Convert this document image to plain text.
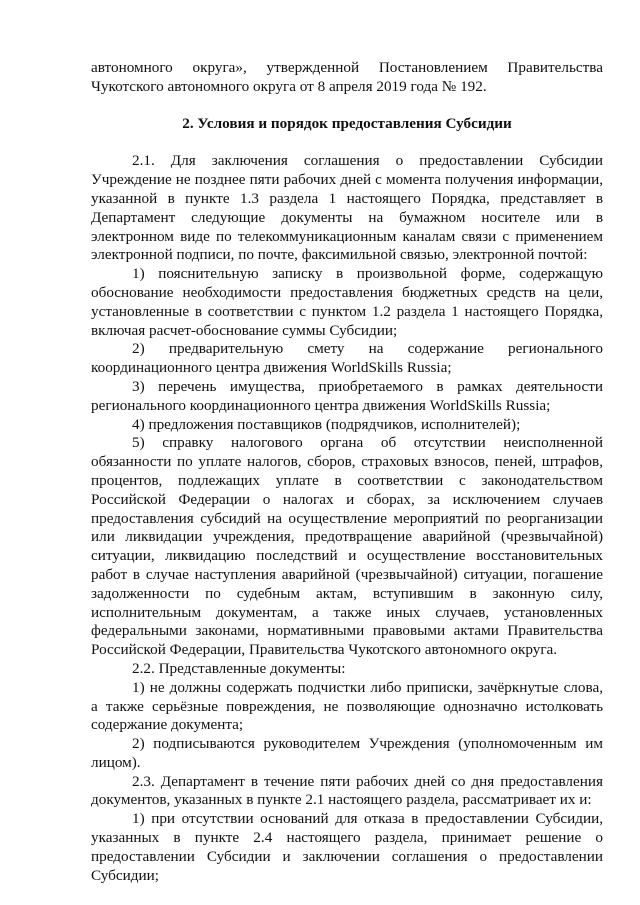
автономного округа», утвержденной Постановлением Правительства Чукотского автономного округа от 8 апреля 2019 года № 192.

2. Условия и порядок предоставления Субсидии

2.1. Для заключения соглашения о предоставлении Субсидии Учреждение не позднее пяти рабочих дней с момента получения информации, указанной в пункте 1.3 раздела 1 настоящего Порядка, представляет в Департамент следующие документы на бумажном носителе или в электронном виде по телекоммуникационным каналам связи с применением электронной подписи, по почте, факсимильной связью, электронной почтой:

1) пояснительную записку в произвольной форме, содержащую обоснование необходимости предоставления бюджетных средств на цели, установленные в соответствии с пунктом 1.2 раздела 1 настоящего Порядка, включая расчет-обоснование суммы Субсидии;

2) предварительную смету на содержание регионального координационного центра движения WorldSkills Russia;

3) перечень имущества, приобретаемого в рамках деятельности регионального координационного центра движения WorldSkills Russia;

4) предложения поставщиков (подрядчиков, исполнителей);

5) справку налогового органа об отсутствии неисполненной обязанности по уплате налогов, сборов, страховых взносов, пеней, штрафов, процентов, подлежащих уплате в соответствии с законодательством Российской Федерации о налогах и сборах, за исключением случаев предоставления субсидий на осуществление мероприятий по реорганизации или ликвидации учреждения, предотвращение аварийной (чрезвычайной) ситуации, ликвидацию последствий и осуществление восстановительных работ в случае наступления аварийной (чрезвычайной) ситуации, погашение задолженности по судебным актам, вступившим в законную силу, исполнительным документам, а также иных случаев, установленных федеральными законами, нормативными правовыми актами Правительства Российской Федерации, Правительства Чукотского автономного округа.

2.2. Представленные документы:

1) не должны содержать подчистки либо приписки, зачёркнутые слова, а также серьёзные повреждения, не позволяющие однозначно истолковать содержание документа;

2) подписываются руководителем Учреждения (уполномоченным им лицом).

2.3. Департамент в течение пяти рабочих дней со дня предоставления документов, указанных в пункте 2.1 настоящего раздела, рассматривает их и:

1) при отсутствии оснований для отказа в предоставлении Субсидии, указанных в пункте 2.4 настоящего раздела, принимает решение о предоставлении Субсидии и заключении соглашения о предоставлении Субсидии;
